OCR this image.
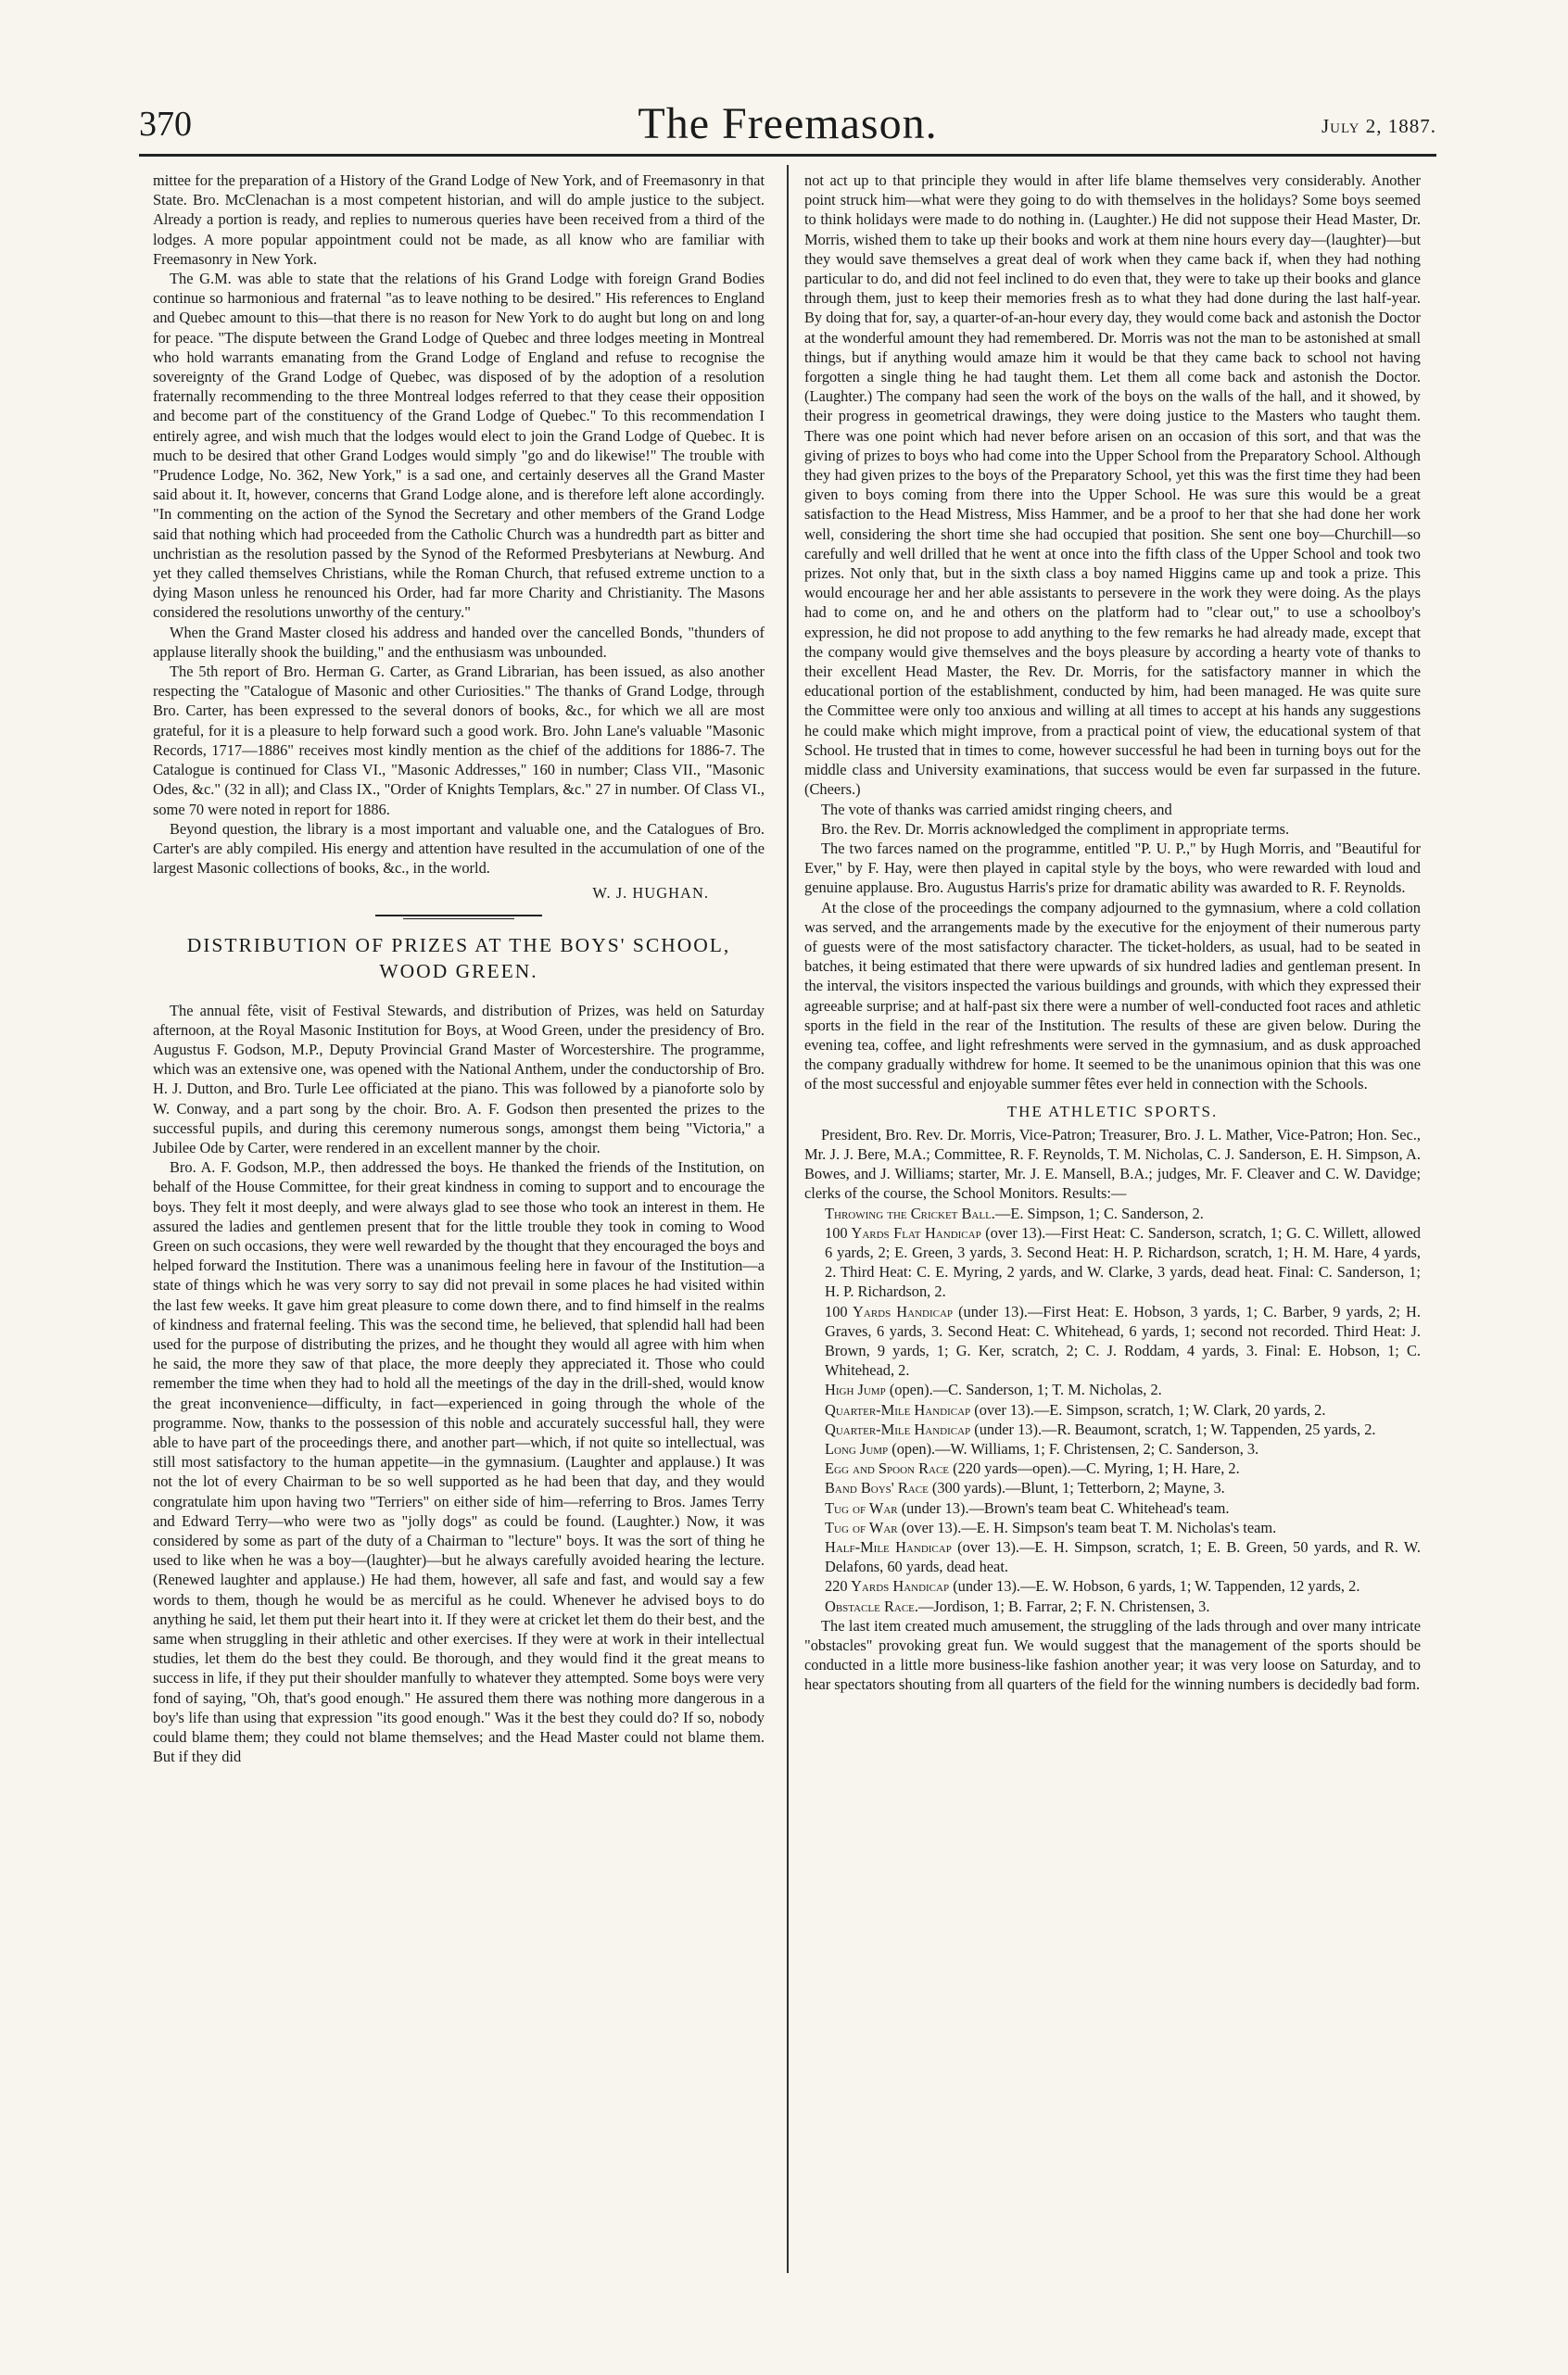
370	The Freemason.	July 2, 1887.

mittee for the preparation of a History of the Grand Lodge of New York, and of Freemasonry in that State. Bro. McClenachan is a most competent historian, and will do ample justice to the subject. Already a portion is ready, and replies to numerous queries have been received from a third of the lodges. A more popular appointment could not be made, as all know who are familiar with Freemasonry in New York.

The G.M. was able to state that the relations of his Grand Lodge with foreign Grand Bodies continue so harmonious and fraternal "as to leave nothing to be desired." His references to England and Quebec amount to this—that there is no reason for New York to do aught but long on and long for peace. "The dispute between the Grand Lodge of Quebec and three lodges meeting in Montreal who hold warrants emanating from the Grand Lodge of England and refuse to recognise the sovereignty of the Grand Lodge of Quebec, was disposed of by the adoption of a resolution fraternally recommending to the three Montreal lodges referred to that they cease their opposition and become part of the constituency of the Grand Lodge of Quebec." To this recommendation I entirely agree, and wish much that the lodges would elect to join the Grand Lodge of Quebec. It is much to be desired that other Grand Lodges would simply "go and do likewise!" The trouble with "Prudence Lodge, No. 362, New York," is a sad one, and certainly deserves all the Grand Master said about it. It, however, concerns that Grand Lodge alone, and is therefore left alone accordingly. "In commenting on the action of the Synod the Secretary and other members of the Grand Lodge said that nothing which had proceeded from the Catholic Church was a hundredth part as bitter and unchristian as the resolution passed by the Synod of the Reformed Presbyterians at Newburg. And yet they called themselves Christians, while the Roman Church, that refused extreme unction to a dying Mason unless he renounced his Order, had far more Charity and Christianity. The Masons considered the resolutions unworthy of the century."

When the Grand Master closed his address and handed over the cancelled Bonds, "thunders of applause literally shook the building," and the enthusiasm was unbounded.

The 5th report of Bro. Herman G. Carter, as Grand Librarian, has been issued, as also another respecting the "Catalogue of Masonic and other Curiosities." The thanks of Grand Lodge, through Bro. Carter, has been expressed to the several donors of books, &c., for which we all are most grateful, for it is a pleasure to help forward such a good work. Bro. John Lane's valuable "Masonic Records, 1717—1886" receives most kindly mention as the chief of the additions for 1886-7. The Catalogue is continued for Class VI., "Masonic Addresses," 160 in number; Class VII., "Masonic Odes, &c." (32 in all); and Class IX., "Order of Knights Templars, &c." 27 in number. Of Class VI., some 70 were noted in report for 1886.

Beyond question, the library is a most important and valuable one, and the Catalogues of Bro. Carter's are ably compiled. His energy and attention have resulted in the accumulation of one of the largest Masonic collections of books, &c., in the world.

W. J. HUGHAN.

DISTRIBUTION OF PRIZES AT THE BOYS' SCHOOL, WOOD GREEN.

The annual fête, visit of Festival Stewards, and distribution of Prizes, was held on Saturday afternoon, at the Royal Masonic Institution for Boys, at Wood Green, under the presidency of Bro. Augustus F. Godson, M.P., Deputy Provincial Grand Master of Worcestershire. The programme, which was an extensive one, was opened with the National Anthem, under the conductorship of Bro. H. J. Dutton, and Bro. Turle Lee officiated at the piano. This was followed by a pianoforte solo by W. Conway, and a part song by the choir. Bro. A. F. Godson then presented the prizes to the successful pupils, and during this ceremony numerous songs, amongst them being "Victoria," a Jubilee Ode by Carter, were rendered in an excellent manner by the choir.

Bro. A. F. Godson, M.P., then addressed the boys. He thanked the friends of the Institution, on behalf of the House Committee, for their great kindness in coming to support and to encourage the boys. They felt it most deeply, and were always glad to see those who took an interest in them. He assured the ladies and gentlemen present that for the little trouble they took in coming to Wood Green on such occasions, they were well rewarded by the thought that they encouraged the boys and helped forward the Institution. There was a unanimous feeling here in favour of the Institution—a state of things which he was very sorry to say did not prevail in some places he had visited within the last few weeks. It gave him great pleasure to come down there, and to find himself in the realms of kindness and fraternal feeling. This was the second time, he believed, that splendid hall had been used for the purpose of distributing the prizes, and he thought they would all agree with him when he said, the more they saw of that place, the more deeply they appreciated it. Those who could remember the time when they had to hold all the meetings of the day in the drill-shed, would know the great inconvenience—difficulty, in fact—experienced in going through the whole of the programme. Now, thanks to the possession of this noble and accurately successful hall, they were able to have part of the proceedings there, and another part—which, if not quite so intellectual, was still most satisfactory to the human appetite—in the gymnasium. (Laughter and applause.) It was not the lot of every Chairman to be so well supported as he had been that day, and they would congratulate him upon having two "Terriers" on either side of him—referring to Bros. James Terry and Edward Terry—who were two as "jolly dogs" as could be found. (Laughter.) Now, it was considered by some as part of the duty of a Chairman to "lecture" boys. It was the sort of thing he used to like when he was a boy—(laughter)—but he always carefully avoided hearing the lecture. (Renewed laughter and applause.) He had them, however, all safe and fast, and would say a few words to them, though he would be as merciful as he could. Whenever he advised boys to do anything he said, let them put their heart into it. If they were at cricket let them do their best, and the same when struggling in their athletic and other exercises. If they were at work in their intellectual studies, let them do the best they could. Be thorough, and they would find it the great means to success in life, if they put their shoulder manfully to whatever they attempted. Some boys were very fond of saying, "Oh, that's good enough." He assured them there was nothing more dangerous in a boy's life than using that expression "its good enough." Was it the best they could do? If so, nobody could blame them; they could not blame themselves; and the Head Master could not blame them. But if they did

not act up to that principle they would in after life blame themselves very considerably. Another point struck him—what were they going to do with themselves in the holidays? Some boys seemed to think holidays were made to do nothing in. (Laughter.) He did not suppose their Head Master, Dr. Morris, wished them to take up their books and work at them nine hours every day—(laughter)—but they would save themselves a great deal of work when they came back if, when they had nothing particular to do, and did not feel inclined to do even that, they were to take up their books and glance through them, just to keep their memories fresh as to what they had done during the last half-year. By doing that for, say, a quarter-of-an-hour every day, they would come back and astonish the Doctor at the wonderful amount they had remembered. Dr. Morris was not the man to be astonished at small things, but if anything would amaze him it would be that they came back to school not having forgotten a single thing he had taught them. Let them all come back and astonish the Doctor. (Laughter.) The company had seen the work of the boys on the walls of the hall, and it showed, by their progress in geometrical drawings, they were doing justice to the Masters who taught them. There was one point which had never before arisen on an occasion of this sort, and that was the giving of prizes to boys who had come into the Upper School from the Preparatory School. Although they had given prizes to the boys of the Preparatory School, yet this was the first time they had been given to boys coming from there into the Upper School. He was sure this would be a great satisfaction to the Head Mistress, Miss Hammer, and be a proof to her that she had done her work well, considering the short time she had occupied that position. She sent one boy—Churchill—so carefully and well drilled that he went at once into the fifth class of the Upper School and took two prizes. Not only that, but in the sixth class a boy named Higgins came up and took a prize. This would encourage her and her able assistants to persevere in the work they were doing. As the plays had to come on, and he and others on the platform had to "clear out," to use a schoolboy's expression, he did not propose to add anything to the few remarks he had already made, except that the company would give themselves and the boys pleasure by according a hearty vote of thanks to their excellent Head Master, the Rev. Dr. Morris, for the satisfactory manner in which the educational portion of the establishment, conducted by him, had been managed. He was quite sure the Committee were only too anxious and willing at all times to accept at his hands any suggestions he could make which might improve, from a practical point of view, the educational system of that School. He trusted that in times to come, however successful he had been in turning boys out for the middle class and University examinations, that success would be even far surpassed in the future. (Cheers.)

The vote of thanks was carried amidst ringing cheers, and

Bro. the Rev. Dr. Morris acknowledged the compliment in appropriate terms.

The two farces named on the programme, entitled "P. U. P.," by Hugh Morris, and "Beautiful for Ever," by F. Hay, were then played in capital style by the boys, who were rewarded with loud and genuine applause. Bro. Augustus Harris's prize for dramatic ability was awarded to R. F. Reynolds.

At the close of the proceedings the company adjourned to the gymnasium, where a cold collation was served, and the arrangements made by the executive for the enjoyment of their numerous party of guests were of the most satisfactory character. The ticket-holders, as usual, had to be seated in batches, it being estimated that there were upwards of six hundred ladies and gentleman present. In the interval, the visitors inspected the various buildings and grounds, with which they expressed their agreeable surprise; and at half-past six there were a number of well-conducted foot races and athletic sports in the field in the rear of the Institution. The results of these are given below. During the evening tea, coffee, and light refreshments were served in the gymnasium, and as dusk approached the company gradually withdrew for home. It seemed to be the unanimous opinion that this was one of the most successful and enjoyable summer fêtes ever held in connection with the Schools.

THE ATHLETIC SPORTS.

President, Bro. Rev. Dr. Morris, Vice-Patron; Treasurer, Bro. J. L. Mather, Vice-Patron; Hon. Sec., Mr. J. J. Bere, M.A.; Committee, R. F. Reynolds, T. M. Nicholas, C. J. Sanderson, E. H. Simpson, A. Bowes, and J. Williams; starter, Mr. J. E. Mansell, B.A.; judges, Mr. F. Cleaver and C. W. Davidge; clerks of the course, the School Monitors. Results:—

Throwing the Cricket Ball.—E. Simpson, 1; C. Sanderson, 2.

100 Yards Flat Handicap (over 13).—First Heat: C. Sanderson, scratch, 1; G. C. Willett, allowed 6 yards, 2; E. Green, 3 yards, 3. Second Heat: H. P. Richardson, scratch, 1; H. M. Hare, 4 yards, 2. Third Heat: C. E. Myring, 2 yards, and W. Clarke, 3 yards, dead heat. Final: C. Sanderson, 1; H. P. Richardson, 2.

100 Yards Handicap (under 13).—First Heat: E. Hobson, 3 yards, 1; C. Barber, 9 yards, 2; H. Graves, 6 yards, 3. Second Heat: C. Whitehead, 6 yards, 1; second not recorded. Third Heat: J. Brown, 9 yards, 1; G. Ker, scratch, 2; C. J. Roddam, 4 yards, 3. Final: E. Hobson, 1; C. Whitehead, 2.

High Jump (open).—C. Sanderson, 1; T. M. Nicholas, 2.

Quarter-Mile Handicap (over 13).—E. Simpson, scratch, 1; W. Clark, 20 yards, 2.

Quarter-Mile Handicap (under 13).—R. Beaumont, scratch, 1; W. Tappenden, 25 yards, 2.

Long Jump (open).—W. Williams, 1; F. Christensen, 2; C. Sanderson, 3.

Egg and Spoon Race (220 yards—open).—C. Myring, 1; H. Hare, 2.

Band Boys' Race (300 yards).—Blunt, 1; Tetterborn, 2; Mayne, 3.

Tug of War (under 13).—Brown's team beat C. Whitehead's team.

Tug of War (over 13).—E. H. Simpson's team beat T. M. Nicholas's team.

Half-Mile Handicap (over 13).—E. H. Simpson, scratch, 1; E. B. Green, 50 yards, and R. W. Delafons, 60 yards, dead heat.

220 Yards Handicap (under 13).—E. W. Hobson, 6 yards, 1; W. Tappenden, 12 yards, 2.

Obstacle Race.—Jordison, 1; B. Farrar, 2; F. N. Christensen, 3.

The last item created much amusement, the struggling of the lads through and over many intricate "obstacles" provoking great fun. We would suggest that the management of the sports should be conducted in a little more business-like fashion another year; it was very loose on Saturday, and to hear spectators shouting from all quarters of the field for the winning numbers is decidedly bad form.
